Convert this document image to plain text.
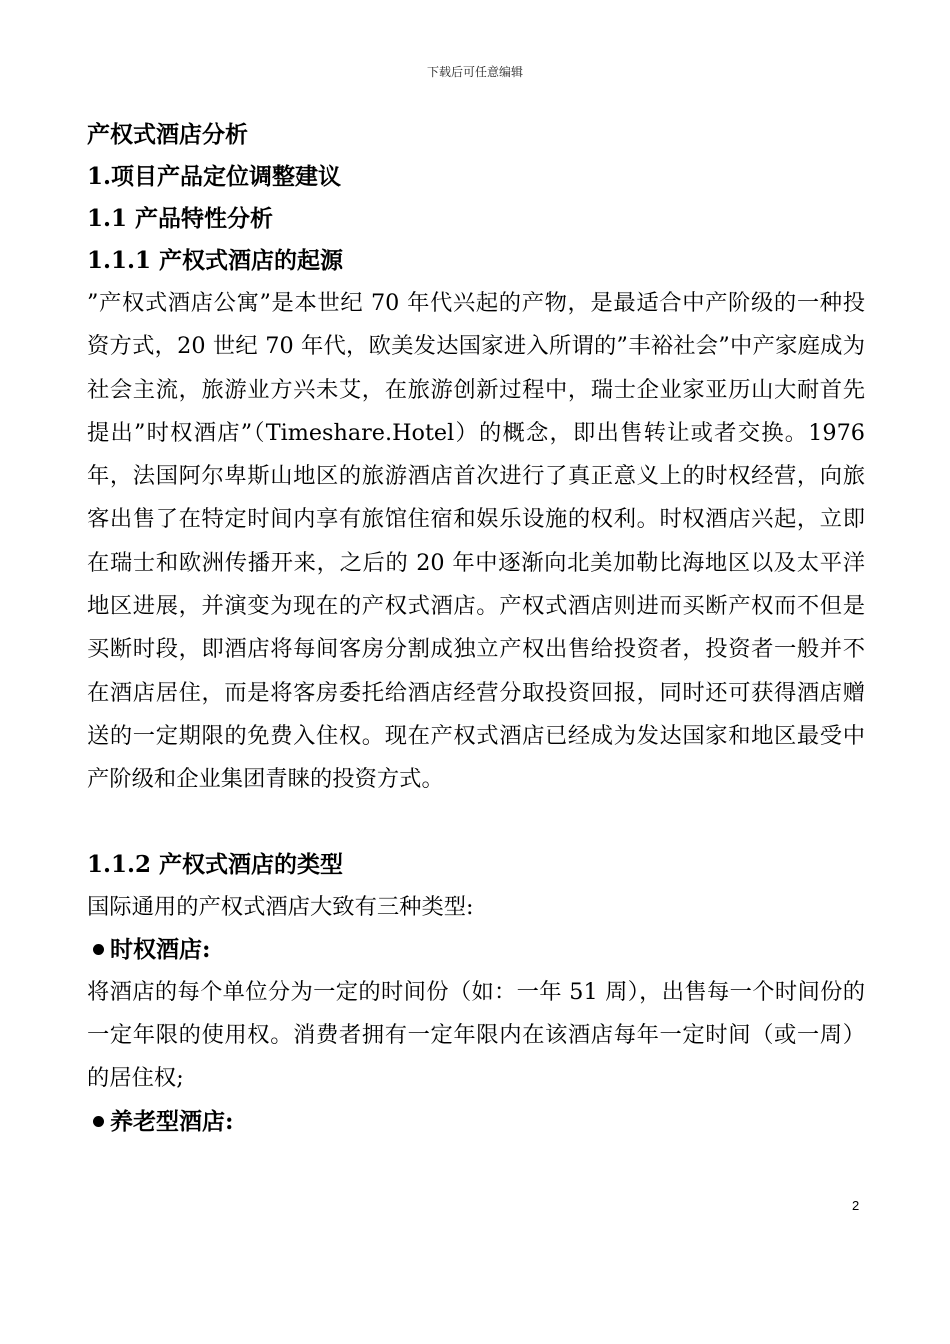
下载后可任意编辑
产权式酒店分析
1.项目产品定位调整建议
1.1 产品特性分析
1.1.1 产权式酒店的起源

”产权式酒店公寓”是本世纪 70 年代兴起的产物，是最适合中产阶级的一种投资方式，20 世纪 70 年代，欧美发达国家进入所谓的”丰裕社会”中产家庭成为社会主流，旅游业方兴未艾，在旅游创新过程中，瑞士企业家亚历山大耐首先提出”时权酒店”（Timeshare.Hotel）的概念，即出售转让或者交换。1976 年，法国阿尔卑斯山地区的旅游酒店首次进行了真正意义上的时权经营，向旅客出售了在特定时间内享有旅馆住宿和娱乐设施的权利。时权酒店兴起，立即在瑞士和欧洲传播开来，之后的 20 年中逐渐向北美加勒比海地区以及太平洋地区进展，并演变为现在的产权式酒店。产权式酒店则进而买断产权而不但是买断时段，即酒店将每间客房分割成独立产权出售给投资者，投资者一般并不在酒店居住，而是将客房委托给酒店经营分取投资回报，同时还可获得酒店赠送的一定期限的免费入住权。现在产权式酒店已经成为发达国家和地区最受中产阶级和企业集团青睐的投资方式。

1.1.2 产权式酒店的类型

国际通用的产权式酒店大致有三种类型:

时权酒店:

将酒店的每个单位分为一定的时间份（如：一年 51 周），出售每一个时间份的一定年限的使用权。消费者拥有一定年限内在该酒店每年一定时间（或一周）的居住权;

养老型酒店:
2
